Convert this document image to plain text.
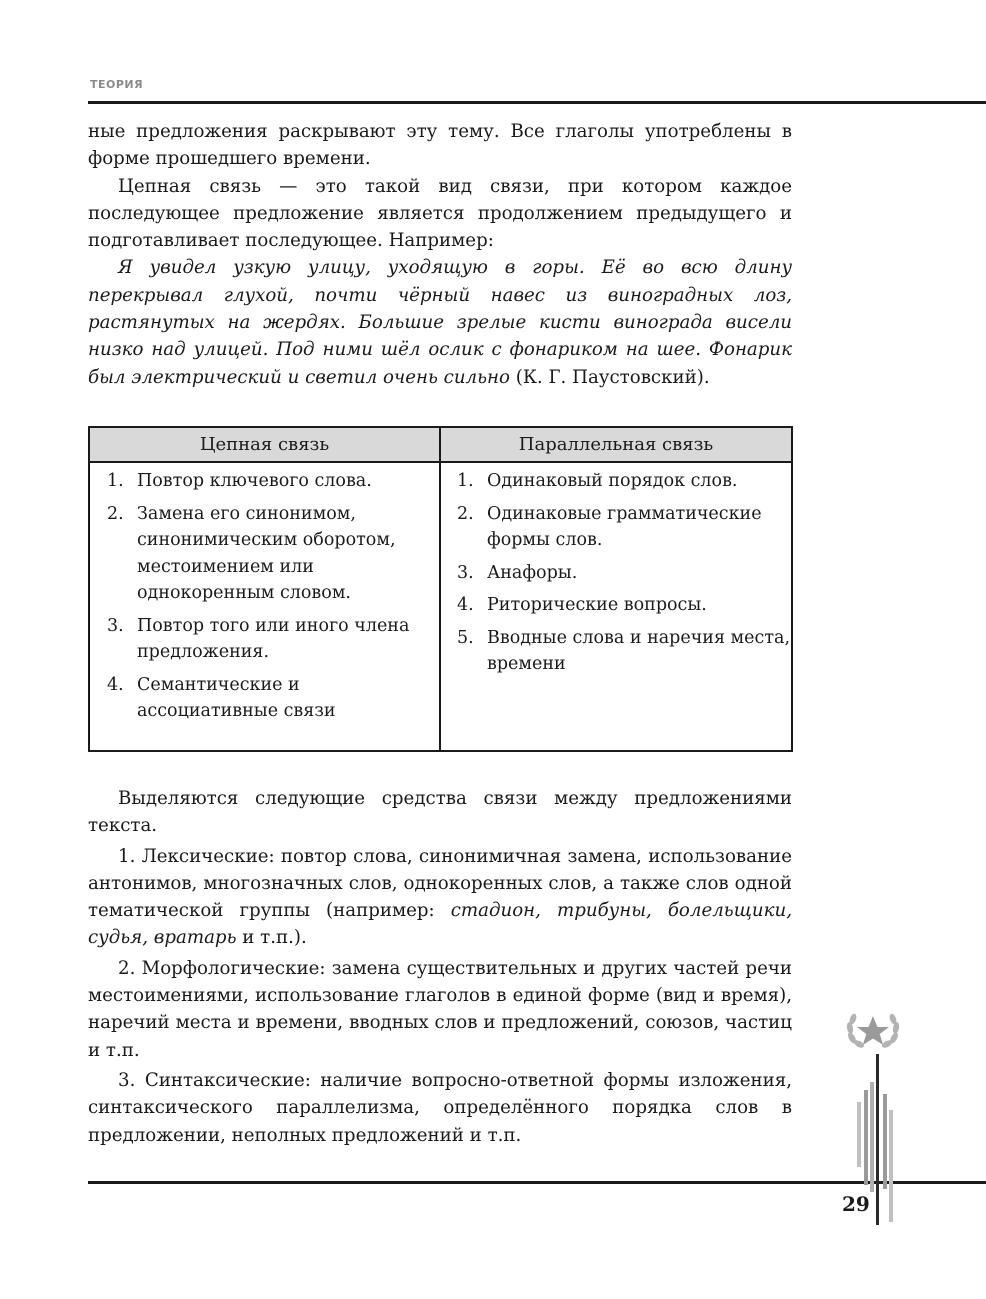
ТЕОРИЯ

ные предложения раскрывают эту тему. Все глаголы употреблены в форме прошедшего времени.

Цепная связь — это такой вид связи, при котором каждое последующее предложение является продолжением предыдущего и подготавливает последующее. Например:

Я увидел узкую улицу, уходящую в горы. Её во всю длину перекрывал глухой, почти чёрный навес из виноградных лоз, растянутых на жердях. Большие зрелые кисти винограда висели низко над улицей. Под ними шёл ослик с фонариком на шее. Фонарик был электрический и светил очень сильно (К. Г. Паустовский).

Цепная связь	Параллельная связь
1. Повтор ключевого слова.
2. Замена его синонимом, синонимическим оборотом, местоимением или однокоренным словом.
3. Повтор того или иного члена предложения.
4. Семантические и ассоциативные связи
1. Одинаковый порядок слов.
2. Одинаковые грамматические формы слов.
3. Анафоры.
4. Риторические вопросы.
5. Вводные слова и наречия места, времени

Выделяются следующие средства связи между предложениями текста.

1. Лексические: повтор слова, синонимичная замена, использование антонимов, многозначных слов, однокоренных слов, а также слов одной тематической группы (например: стадион, трибуны, болельщики, судья, вратарь и т.п.).

2. Морфологические: замена существительных и других частей речи местоимениями, использование глаголов в единой форме (вид и время), наречий места и времени, вводных слов и предложений, союзов, частиц и т.п.

3. Синтаксические: наличие вопросно-ответной формы изложения, синтаксического параллелизма, определённого порядка слов в предложении, неполных предложений и т.п.

29
